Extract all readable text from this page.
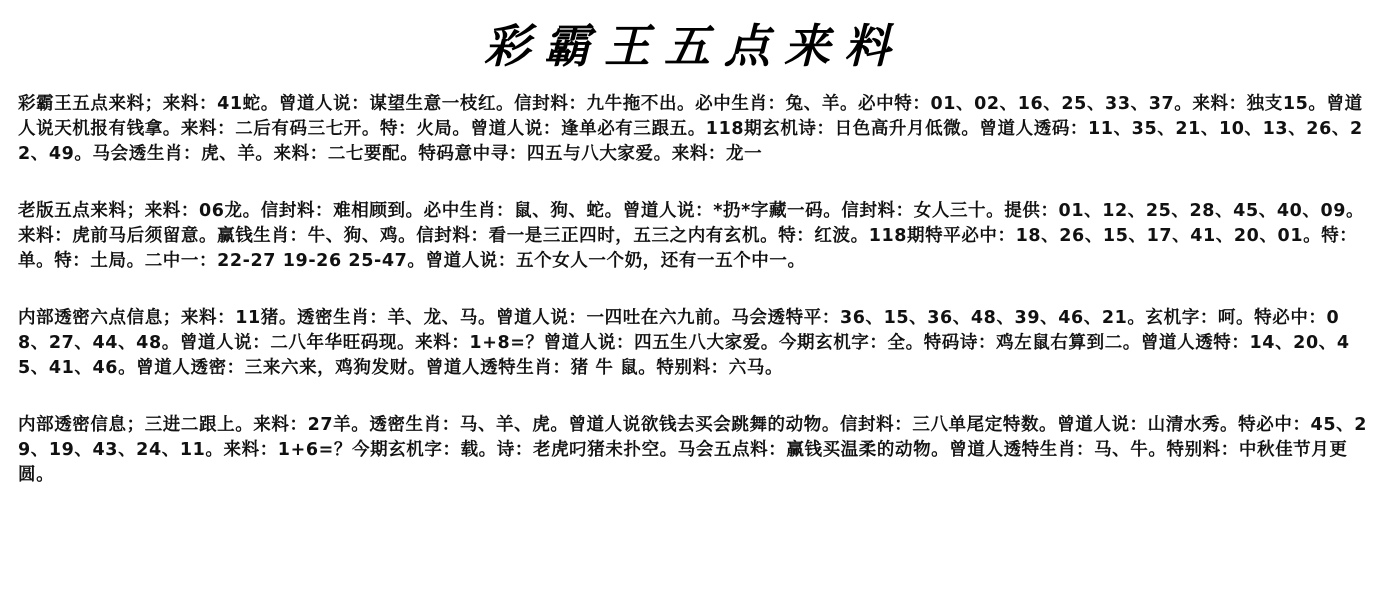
彩霸王五点来料

彩霸王五点来料；来料：41蛇。曾道人说：谋望生意一枝红。信封料：九牛拖不出。必中生肖：兔、羊。必中特：01、02、16、25、33、37。来料：独支15。曾道人说天机报有钱拿。来料：二后有码三七开。特：火局。曾道人说：逢单必有三跟五。118期玄机诗：日色高升月低微。曾道人透码：11、35、21、10、13、26、22、49。马会透生肖：虎、羊。来料：二七要配。特码意中寻：四五与八大家爱。来料：龙一

老版五点来料；来料：06龙。信封料：难相顾到。必中生肖：鼠、狗、蛇。曾道人说：*扔*字藏一码。信封料：女人三十。提供：01、12、25、28、45、40、09。来料：虎前马后须留意。赢钱生肖：牛、狗、鸡。信封料：看一是三正四时，五三之内有玄机。特：红波。118期特平必中：18、26、15、17、41、20、01。特：单。特：土局。二中一：22-27 19-26 25-47。曾道人说：五个女人一个奶，还有一五个中一。

内部透密六点信息；来料：11猪。透密生肖：羊、龙、马。曾道人说：一四吐在六九前。马会透特平：36、15、36、48、39、46、21。玄机字：呵。特必中：08、27、44、48。曾道人说：二八年华旺码现。来料：1+8=？曾道人说：四五生八大家爱。今期玄机字：全。特码诗：鸡左鼠右算到二。曾道人透特：14、20、45、41、46。曾道人透密：三来六来，鸡狗发财。曾道人透特生肖：猪 牛 鼠。特别料：六马。

内部透密信息；三进二跟上。来料：27羊。透密生肖：马、羊、虎。曾道人说欲钱去买会跳舞的动物。信封料：三八单尾定特数。曾道人说：山清水秀。特必中：45、29、19、43、24、11。来料：1+6=？今期玄机字：载。诗：老虎叼猪未扑空。马会五点料：赢钱买温柔的动物。曾道人透特生肖：马、牛。特别料：中秋佳节月更圆。
